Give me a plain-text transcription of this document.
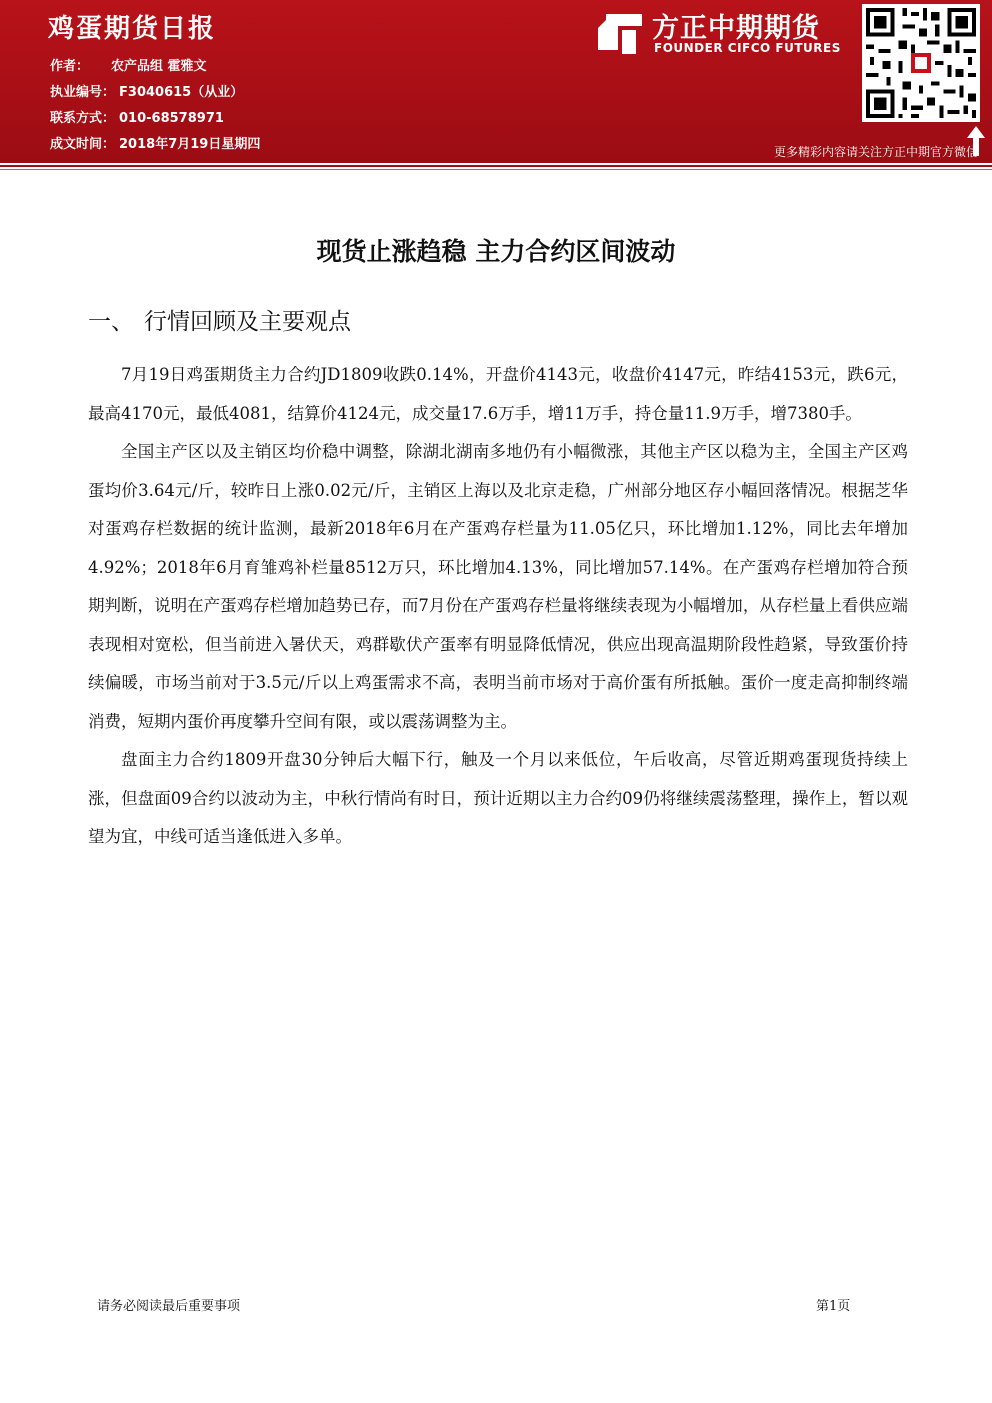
鸡蛋期货日报
作者： 农产品组 霍雅文
执业编号： F3040615（从业）
联系方式： 010-68578971
成文时间： 2018年7月19日星期四
方正中期期货
FOUNDER CIFCO FUTURES
更多精彩内容请关注方正中期官方微信
现货止涨趋稳 主力合约区间波动
一、 行情回顾及主要观点

7月19日鸡蛋期货主力合约JD1809收跌0.14%，开盘价4143元，收盘价4147元，昨结4153元，跌6元，最高4170元，最低4081，结算价4124元，成交量17.6万手，增11万手，持仓量11.9万手，增7380手。

全国主产区以及主销区均价稳中调整，除湖北湖南多地仍有小幅微涨，其他主产区以稳为主，全国主产区鸡蛋均价3.64元/斤，较昨日上涨0.02元/斤，主销区上海以及北京走稳，广州部分地区存小幅回落情况。根据芝华对蛋鸡存栏数据的统计监测，最新2018年6月在产蛋鸡存栏量为11.05亿只，环比增加1.12%，同比去年增加4.92%；2018年6月育雏鸡补栏量8512万只，环比增加4.13%，同比增加57.14%。在产蛋鸡存栏增加符合预期判断，说明在产蛋鸡存栏增加趋势已存，而7月份在产蛋鸡存栏量将继续表现为小幅增加，从存栏量上看供应端表现相对宽松，但当前进入暑伏天，鸡群歇伏产蛋率有明显降低情况，供应出现高温期阶段性趋紧，导致蛋价持续偏暖，市场当前对于3.5元/斤以上鸡蛋需求不高，表明当前市场对于高价蛋有所抵触。蛋价一度走高抑制终端消费，短期内蛋价再度攀升空间有限，或以震荡调整为主。

盘面主力合约1809开盘30分钟后大幅下行，触及一个月以来低位，午后收高，尽管近期鸡蛋现货持续上涨，但盘面09合约以波动为主，中秋行情尚有时日，预计近期以主力合约09仍将继续震荡整理，操作上，暂以观望为宜，中线可适当逢低进入多单。

请务必阅读最后重要事项	第1页
